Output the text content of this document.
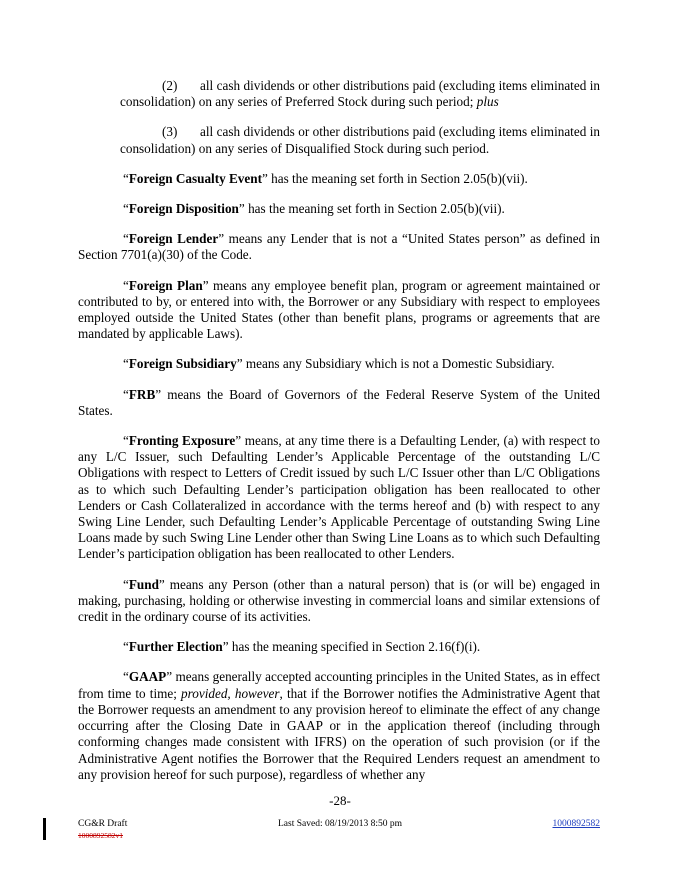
(2) all cash dividends or other distributions paid (excluding items eliminated in consolidation) on any series of Preferred Stock during such period; plus

(3) all cash dividends or other distributions paid (excluding items eliminated in consolidation) on any series of Disqualified Stock during such period.

“Foreign Casualty Event” has the meaning set forth in Section 2.05(b)(vii).

“Foreign Disposition” has the meaning set forth in Section 2.05(b)(vii).

“Foreign Lender” means any Lender that is not a “United States person” as defined in Section 7701(a)(30) of the Code.

“Foreign Plan” means any employee benefit plan, program or agreement maintained or contributed to by, or entered into with, the Borrower or any Subsidiary with respect to employees employed outside the United States (other than benefit plans, programs or agreements that are mandated by applicable Laws).

“Foreign Subsidiary” means any Subsidiary which is not a Domestic Subsidiary.

“FRB” means the Board of Governors of the Federal Reserve System of the United States.

“Fronting Exposure” means, at any time there is a Defaulting Lender, (a) with respect to any L/C Issuer, such Defaulting Lender’s Applicable Percentage of the outstanding L/C Obligations with respect to Letters of Credit issued by such L/C Issuer other than L/C Obligations as to which such Defaulting Lender’s participation obligation has been reallocated to other Lenders or Cash Collateralized in accordance with the terms hereof and (b) with respect to any Swing Line Lender, such Defaulting Lender’s Applicable Percentage of outstanding Swing Line Loans made by such Swing Line Lender other than Swing Line Loans as to which such Defaulting Lender’s participation obligation has been reallocated to other Lenders.

“Fund” means any Person (other than a natural person) that is (or will be) engaged in making, purchasing, holding or otherwise investing in commercial loans and similar extensions of credit in the ordinary course of its activities.

“Further Election” has the meaning specified in Section 2.16(f)(i).

“GAAP” means generally accepted accounting principles in the United States, as in effect from time to time; provided, however, that if the Borrower notifies the Administrative Agent that the Borrower requests an amendment to any provision hereof to eliminate the effect of any change occurring after the Closing Date in GAAP or in the application thereof (including through conforming changes made consistent with IFRS) on the operation of such provision (or if the Administrative Agent notifies the Borrower that the Required Lenders request an amendment to any provision hereof for such purpose), regardless of whether any

-28-
CG&R Draft
1000892582v1
Last Saved: 08/19/2013 8:50 pm	1000892582
